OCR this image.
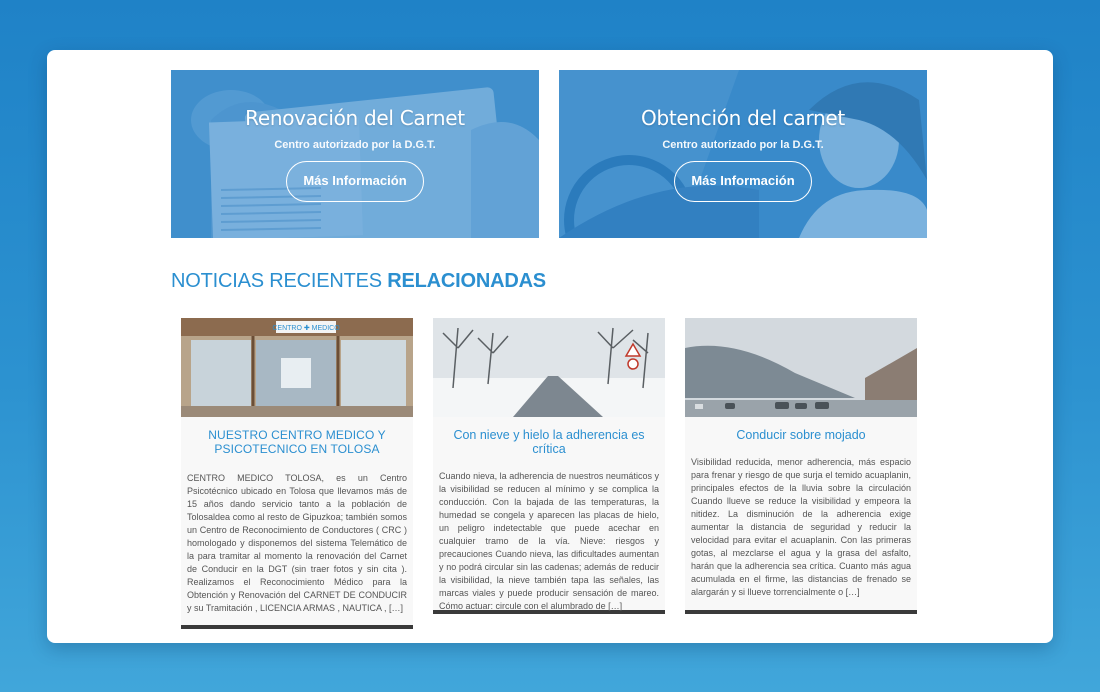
Renovación del Carnet
Centro autorizado por la D.G.T.
Más Información
Obtención del carnet
Centro autorizado por la D.G.T.
Más Información
NOTICIAS RECIENTES RELACIONADAS
CENTRO ✚ MEDICO
NUESTRO CENTRO MEDICO Y PSICOTECNICO EN TOLOSA

CENTRO MEDICO TOLOSA, es un Centro Psicotécnico ubicado en Tolosa que llevamos más de 15 años dando servicio tanto a la población de Tolosaldea como al resto de Gipuzkoa; también somos un Centro de Reconocimiento de Conductores ( CRC ) homologado y disponemos del sistema Telemático de la para tramitar al momento la renovación del Carnet de Conducir en la DGT (sin traer fotos y sin cita ). Realizamos el Reconocimiento Médico para la Obtención y Renovación del CARNET DE CONDUCIR y su Tramitación , LICENCIA ARMAS , NAUTICA , […]

Con nieve y hielo la adherencia es crítica

Cuando nieva, la adherencia de nuestros neumáticos y la visibilidad se reducen al mínimo y se complica la conducción. Con la bajada de las temperaturas, la humedad se congela y aparecen las placas de hielo, un peligro indetectable que puede acechar en cualquier tramo de la vía. Nieve: riesgos y precauciones Cuando nieva, las dificultades aumentan y no podrá circular sin las cadenas; además de reducir la visibilidad, la nieve también tapa las señales, las marcas viales y puede producir sensación de mareo. Cómo actuar: circule con el alumbrado de […]

Conducir sobre mojado

Visibilidad reducida, menor adherencia, más espacio para frenar y riesgo de que surja el temido acuaplanin, principales efectos de la lluvia sobre la circulación Cuando llueve se reduce la visibilidad y empeora la nitidez. La disminución de la adherencia exige aumentar la distancia de seguridad y reducir la velocidad para evitar el acuaplanin. Con las primeras gotas, al mezclarse el agua y la grasa del asfalto, harán que la adherencia sea crítica. Cuanto más agua acumulada en el firme, las distancias de frenado se alargarán y si llueve torrencialmente o […]
